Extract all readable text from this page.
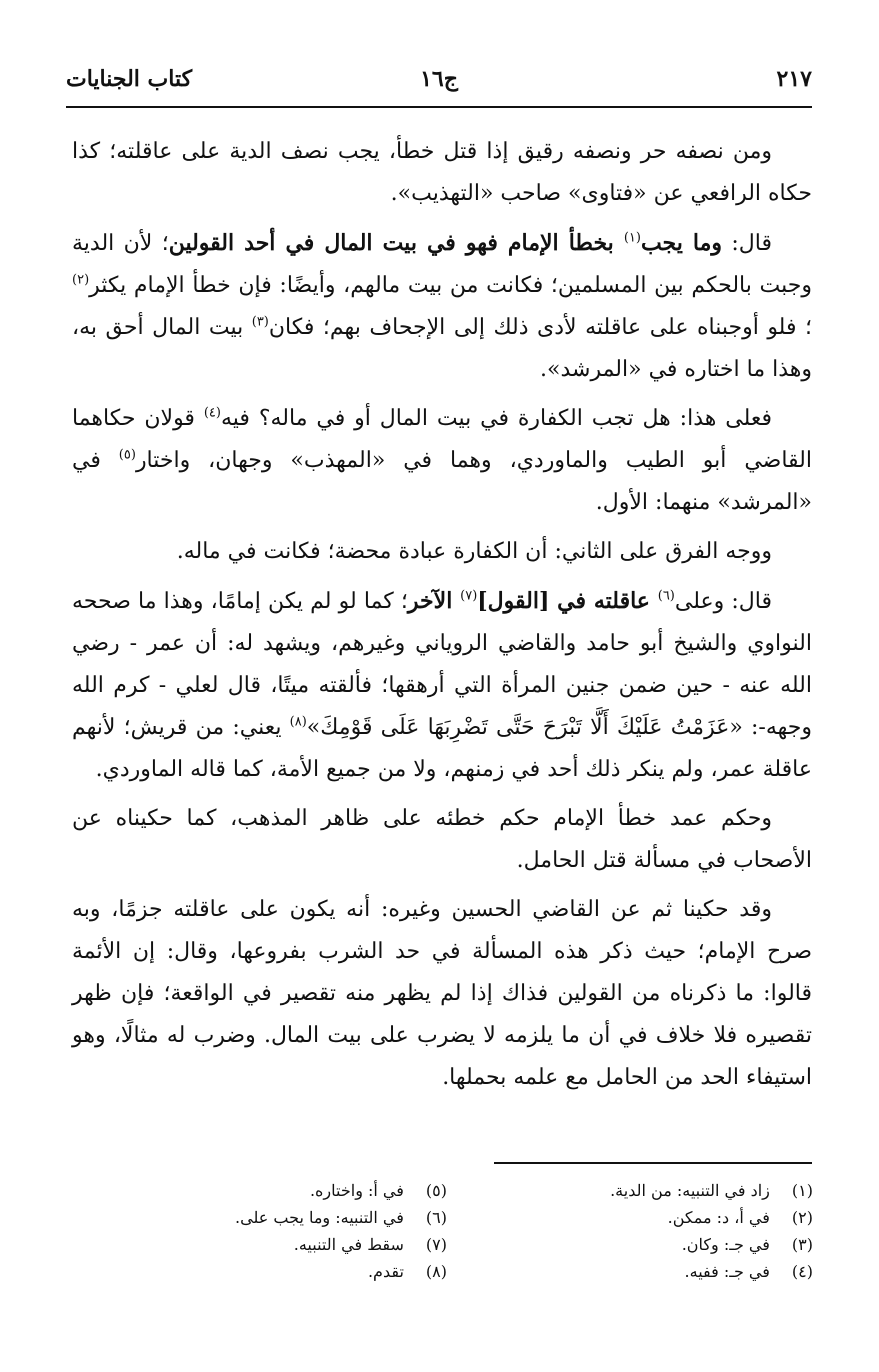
٢١٧
ج١٦
كتاب الجنايات

ومن نصفه حر ونصفه رقيق إذا قتل خطأ، يجب نصف الدية على عاقلته؛ كذا حكاه الرافعي عن «فتاوى» صاحب «التهذيب».

قال: وما يجب$^{(١)}$ بخطأ الإمام فهو في بيت المال في أحد القولين؛ لأن الدية وجبت بالحكم بين المسلمين؛ فكانت من بيت مالهم، وأيضًا: فإن خطأ الإمام يكثر$^{(٢)}$ ؛ فلو أوجبناه على عاقلته لأدى ذلك إلى الإجحاف بهم؛ فكان$^{(٣)}$ بيت المال أحق به، وهذا ما اختاره في «المرشد».

فعلى هذا: هل تجب الكفارة في بيت المال أو في ماله؟ فيه$^{(٤)}$ قولان حكاهما القاضي أبو الطيب والماوردي، وهما في «المهذب» وجهان، واختار$^{(٥)}$ في «المرشد» منهما: الأول.

ووجه الفرق على الثاني: أن الكفارة عبادة محضة؛ فكانت في ماله.

قال: وعلى$^{(٦)}$ عاقلته في [القول]$^{(٧)}$ الآخر؛ كما لو لم يكن إمامًا، وهذا ما صححه النواوي والشيخ أبو حامد والقاضي الروياني وغيرهم، ويشهد له: أن عمر - رضي الله عنه - حين ضمن جنين المرأة التي أرهقها؛ فألقته ميتًا، قال لعلي - كرم الله وجهه-: «عَزَمْتُ عَلَيْكَ أَلَّا تَبْرَحَ حَتَّى تَضْرِبَهَا عَلَى قَوْمِكَ»$^{(٨)}$ يعني: من قريش؛ لأنهم عاقلة عمر، ولم ينكر ذلك أحد في زمنهم، ولا من جميع الأمة، كما قاله الماوردي.

وحكم عمد خطأ الإمام حكم خطئه على ظاهر المذهب، كما حكيناه عن الأصحاب في مسألة قتل الحامل.

وقد حكينا ثم عن القاضي الحسين وغيره: أنه يكون على عاقلته جزمًا، وبه صرح الإمام؛ حيث ذكر هذه المسألة في حد الشرب بفروعها، وقال: إن الأئمة قالوا: ما ذكرناه من القولين فذاك إذا لم يظهر منه تقصير في الواقعة؛ فإن ظهر تقصيره فلا خلاف في أن ما يلزمه لا يضرب على بيت المال. وضرب له مثالًا، وهو استيفاء الحد من الحامل مع علمه بحملها.

(١) زاد في التنبيه: من الدية.
(٢) في أ، د: ممكن.
(٣) في جـ: وكان.
(٤) في جـ: ففيه.
(٥) في أ: واختاره.
(٦) في التنبيه: وما يجب على.
(٧) سقط في التنبيه.
(٨) تقدم.
